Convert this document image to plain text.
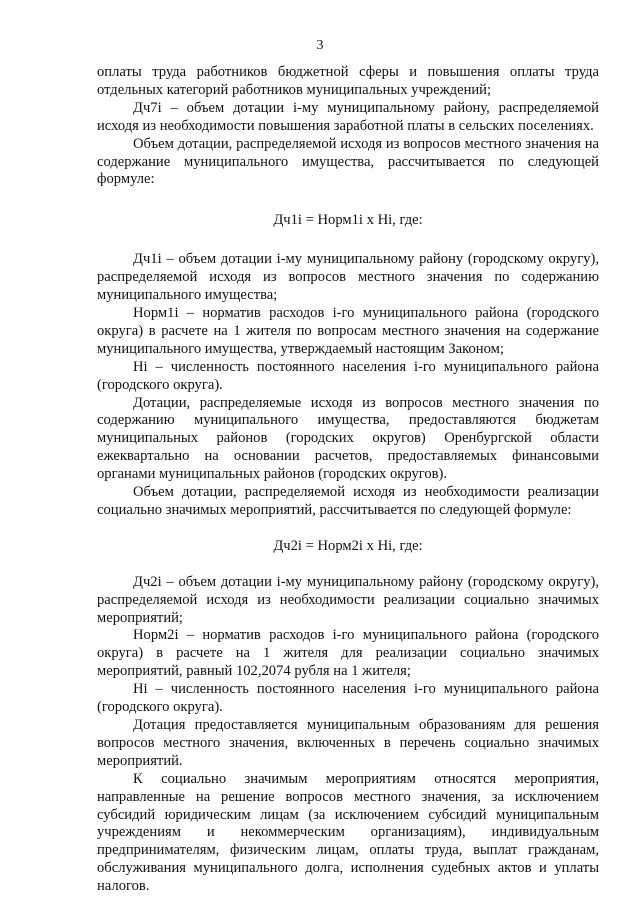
3

оплаты труда работников бюджетной сферы и повышения оплаты труда отдельных категорий работников муниципальных учреждений;

Дч7i – объем дотации i-му муниципальному району, распределяемой исходя из необходимости повышения заработной платы в сельских поселениях.

Объем дотации, распределяемой исходя из вопросов местного значения на содержание муниципального имущества, рассчитывается по следующей формуле:

Дч1i = Норм1i x Нi, где:

Дч1i – объем дотации i-му муниципальному району (городскому округу), распределяемой исходя из вопросов местного значения по содержанию муниципального имущества;

Норм1i – норматив расходов i-го муниципального района (городского округа) в расчете на 1 жителя по вопросам местного значения на содержание муниципального имущества, утверждаемый настоящим Законом;

Нi – численность постоянного населения i-го муниципального района (городского округа).

Дотации, распределяемые исходя из вопросов местного значения по содержанию муниципального имущества, предоставляются бюджетам муниципальных районов (городских округов) Оренбургской области ежеквартально на основании расчетов, предоставляемых финансовыми органами муниципальных районов (городских округов).

Объем дотации, распределяемой исходя из необходимости реализации социально значимых мероприятий, рассчитывается по следующей формуле:

Дч2i = Норм2i x Нi, где:

Дч2i – объем дотации i-му муниципальному району (городскому округу), распределяемой исходя из необходимости реализации социально значимых мероприятий;

Норм2i – норматив расходов i-го муниципального района (городского округа) в расчете на 1 жителя для реализации социально значимых мероприятий, равный 102,2074 рубля на 1 жителя;

Нi – численность постоянного населения i-го муниципального района (городского округа).

Дотация предоставляется муниципальным образованиям для решения вопросов местного значения, включенных в перечень социально значимых мероприятий.

К социально значимым мероприятиям относятся мероприятия, направленные на решение вопросов местного значения, за исключением субсидий юридическим лицам (за исключением субсидий муниципальным учреждениям и некоммерческим организациям), индивидуальным предпринимателям, физическим лицам, оплаты труда, выплат гражданам, обслуживания муниципального долга, исполнения судебных актов и уплаты налогов.
